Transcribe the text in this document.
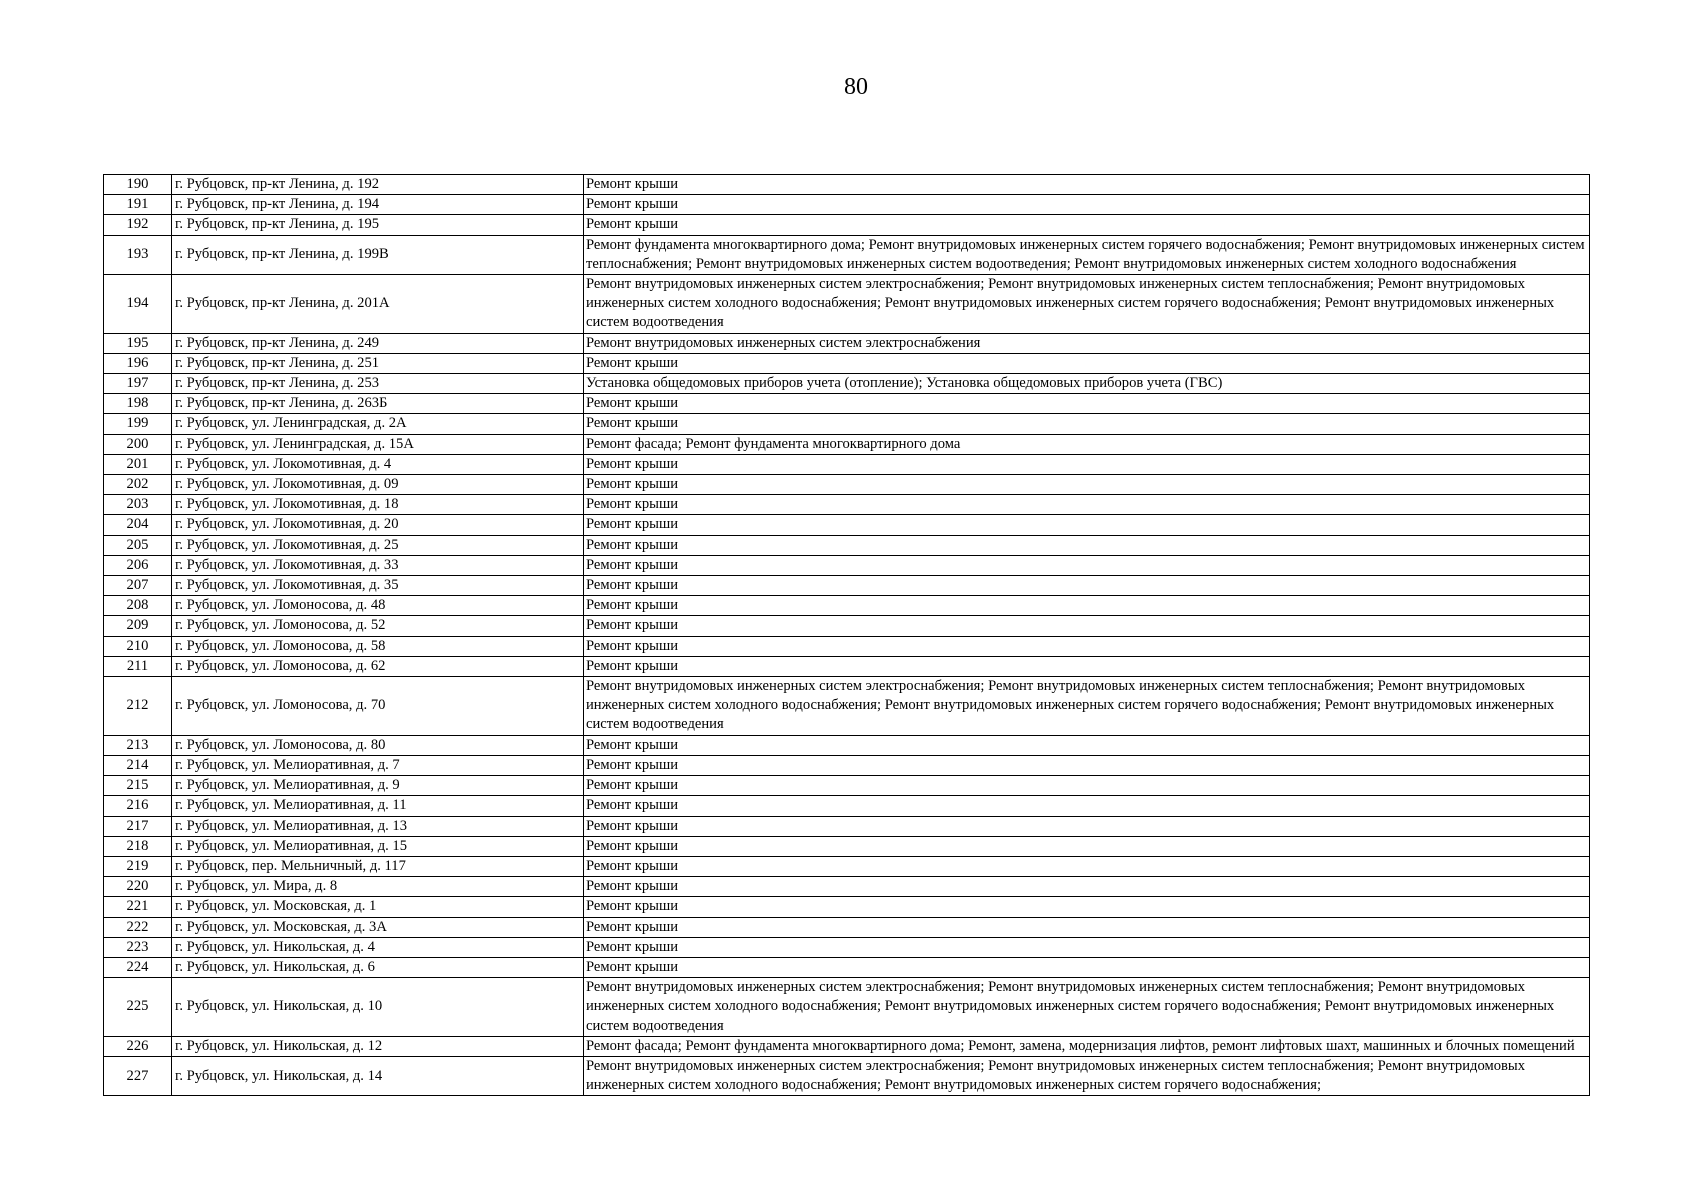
80
190	г. Рубцовск, пр-кт Ленина, д. 192	Ремонт крыши
191	г. Рубцовск, пр-кт Ленина, д. 194	Ремонт крыши
192	г. Рубцовск, пр-кт Ленина, д. 195	Ремонт крыши
193	г. Рубцовск, пр-кт Ленина, д. 199В	Ремонт фундамента многоквартирного дома; Ремонт внутридомовых инженерных систем горячего водоснабжения; Ремонт внутридомовых инженерных систем теплоснабжения; Ремонт внутридомовых инженерных систем водоотведения; Ремонт внутридомовых инженерных систем холодного водоснабжения
194	г. Рубцовск, пр-кт Ленина, д. 201А	Ремонт внутридомовых инженерных систем электроснабжения; Ремонт внутридомовых инженерных систем теплоснабжения; Ремонт внутридомовых инженерных систем холодного водоснабжения; Ремонт внутридомовых инженерных систем горячего водоснабжения; Ремонт внутридомовых инженерных систем водоотведения
195	г. Рубцовск, пр-кт Ленина, д. 249	Ремонт внутридомовых инженерных систем электроснабжения
196	г. Рубцовск, пр-кт Ленина, д. 251	Ремонт крыши
197	г. Рубцовск, пр-кт Ленина, д. 253	Установка общедомовых приборов учета (отопление); Установка общедомовых приборов учета (ГВС)
198	г. Рубцовск, пр-кт Ленина, д. 263Б	Ремонт крыши
199	г. Рубцовск, ул. Ленинградская, д. 2А	Ремонт крыши
200	г. Рубцовск, ул. Ленинградская, д. 15А	Ремонт фасада; Ремонт фундамента многоквартирного дома
201	г. Рубцовск, ул. Локомотивная, д. 4	Ремонт крыши
202	г. Рубцовск, ул. Локомотивная, д. 09	Ремонт крыши
203	г. Рубцовск, ул. Локомотивная, д. 18	Ремонт крыши
204	г. Рубцовск, ул. Локомотивная, д. 20	Ремонт крыши
205	г. Рубцовск, ул. Локомотивная, д. 25	Ремонт крыши
206	г. Рубцовск, ул. Локомотивная, д. 33	Ремонт крыши
207	г. Рубцовск, ул. Локомотивная, д. 35	Ремонт крыши
208	г. Рубцовск, ул. Ломоносова, д. 48	Ремонт крыши
209	г. Рубцовск, ул. Ломоносова, д. 52	Ремонт крыши
210	г. Рубцовск, ул. Ломоносова, д. 58	Ремонт крыши
211	г. Рубцовск, ул. Ломоносова, д. 62	Ремонт крыши
212	г. Рубцовск, ул. Ломоносова, д. 70	Ремонт внутридомовых инженерных систем электроснабжения; Ремонт внутридомовых инженерных систем теплоснабжения; Ремонт внутридомовых инженерных систем холодного водоснабжения; Ремонт внутридомовых инженерных систем горячего водоснабжения; Ремонт внутридомовых инженерных систем водоотведения
213	г. Рубцовск, ул. Ломоносова, д. 80	Ремонт крыши
214	г. Рубцовск, ул. Мелиоративная, д. 7	Ремонт крыши
215	г. Рубцовск, ул. Мелиоративная, д. 9	Ремонт крыши
216	г. Рубцовск, ул. Мелиоративная, д. 11	Ремонт крыши
217	г. Рубцовск, ул. Мелиоративная, д. 13	Ремонт крыши
218	г. Рубцовск, ул. Мелиоративная, д. 15	Ремонт крыши
219	г. Рубцовск, пер. Мельничный, д. 117	Ремонт крыши
220	г. Рубцовск, ул. Мира, д. 8	Ремонт крыши
221	г. Рубцовск, ул. Московская, д. 1	Ремонт крыши
222	г. Рубцовск, ул. Московская, д. 3А	Ремонт крыши
223	г. Рубцовск, ул. Никольская, д. 4	Ремонт крыши
224	г. Рубцовск, ул. Никольская, д. 6	Ремонт крыши
225	г. Рубцовск, ул. Никольская, д. 10	Ремонт внутридомовых инженерных систем электроснабжения; Ремонт внутридомовых инженерных систем теплоснабжения; Ремонт внутридомовых инженерных систем холодного водоснабжения; Ремонт внутридомовых инженерных систем горячего водоснабжения; Ремонт внутридомовых инженерных систем водоотведения
226	г. Рубцовск, ул. Никольская, д. 12	Ремонт фасада; Ремонт фундамента многоквартирного дома; Ремонт, замена, модернизация лифтов, ремонт лифтовых шахт, машинных и блочных помещений
227	г. Рубцовск, ул. Никольская, д. 14	Ремонт внутридомовых инженерных систем электроснабжения; Ремонт внутридомовых инженерных систем теплоснабжения; Ремонт внутридомовых инженерных систем холодного водоснабжения; Ремонт внутридомовых инженерных систем горячего водоснабжения;
